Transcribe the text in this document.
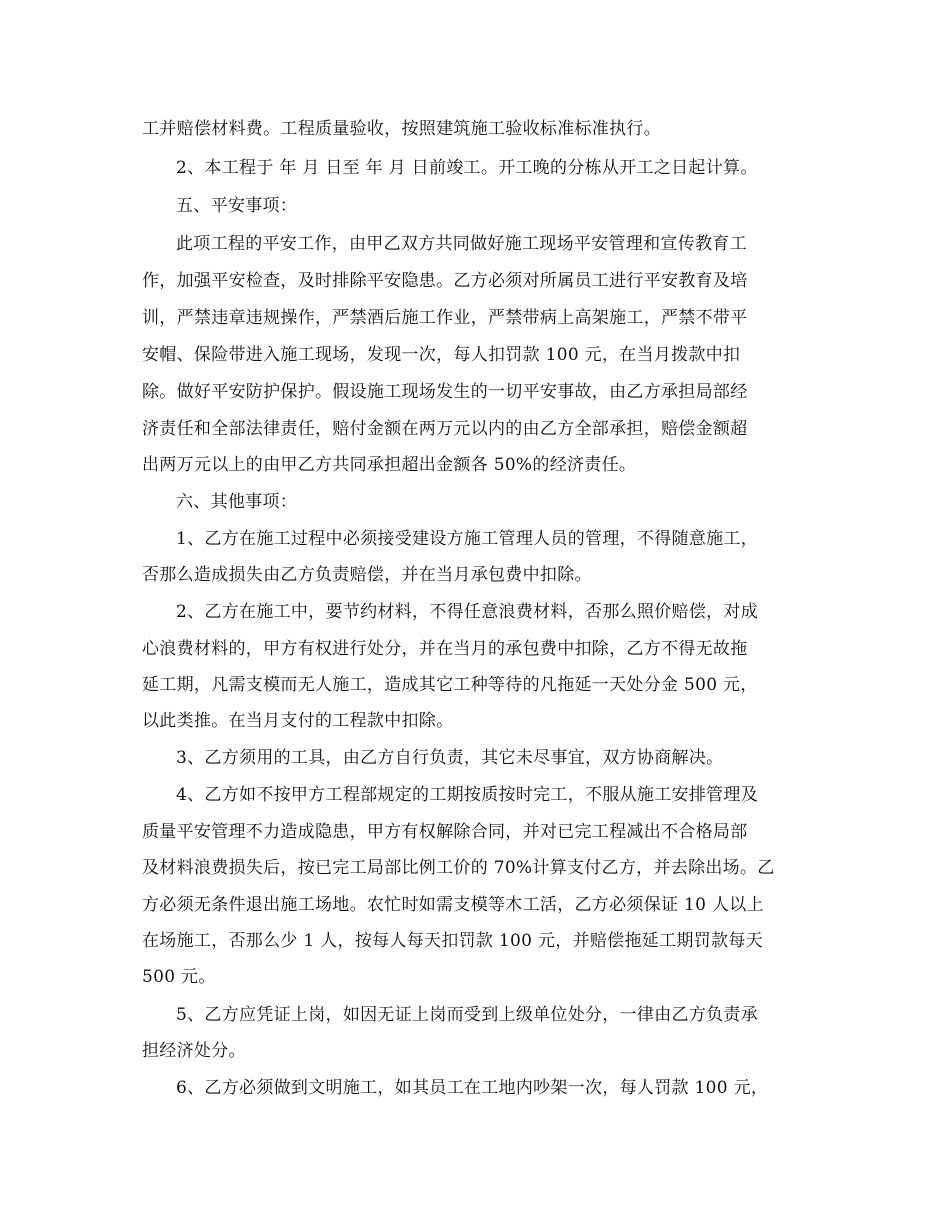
工并赔偿材料费。工程质量验收，按照建筑施工验收标准标准执行。

2、本工程于 年 月 日至 年 月 日前竣工。开工晚的分栋从开工之日起计算。

五、平安事项：

此项工程的平安工作，由甲乙双方共同做好施工现场平安管理和宣传教育工

作，加强平安检查，及时排除平安隐患。乙方必须对所属员工进行平安教育及培

训，严禁违章违规操作，严禁酒后施工作业，严禁带病上高架施工，严禁不带平

安帽、保险带进入施工现场，发现一次，每人扣罚款 100 元，在当月拨款中扣

除。做好平安防护保护。假设施工现场发生的一切平安事故，由乙方承担局部经

济责任和全部法律责任，赔付金额在两万元以内的由乙方全部承担，赔偿金额超

出两万元以上的由甲乙方共同承担超出金额各 50%的经济责任。

六、其他事项：

1、乙方在施工过程中必须接受建设方施工管理人员的管理，不得随意施工，

否那么造成损失由乙方负责赔偿，并在当月承包费中扣除。

2、乙方在施工中，要节约材料，不得任意浪费材料，否那么照价赔偿，对成

心浪费材料的，甲方有权进行处分，并在当月的承包费中扣除，乙方不得无故拖

延工期，凡需支模而无人施工，造成其它工种等待的凡拖延一天处分金 500 元，

以此类推。在当月支付的工程款中扣除。

3、乙方须用的工具，由乙方自行负责，其它未尽事宜，双方协商解决。

4、乙方如不按甲方工程部规定的工期按质按时完工，不服从施工安排管理及

质量平安管理不力造成隐患，甲方有权解除合同，并对已完工程减出不合格局部

及材料浪费损失后，按已完工局部比例工价的 70%计算支付乙方，并去除出场。乙

方必须无条件退出施工场地。农忙时如需支模等木工活，乙方必须保证 10 人以上

在场施工，否那么少 1 人，按每人每天扣罚款 100 元，并赔偿拖延工期罚款每天

500 元。

5、乙方应凭证上岗，如因无证上岗而受到上级单位处分，一律由乙方负责承

担经济处分。

6、乙方必须做到文明施工，如其员工在工地内吵架一次，每人罚款 100 元，
